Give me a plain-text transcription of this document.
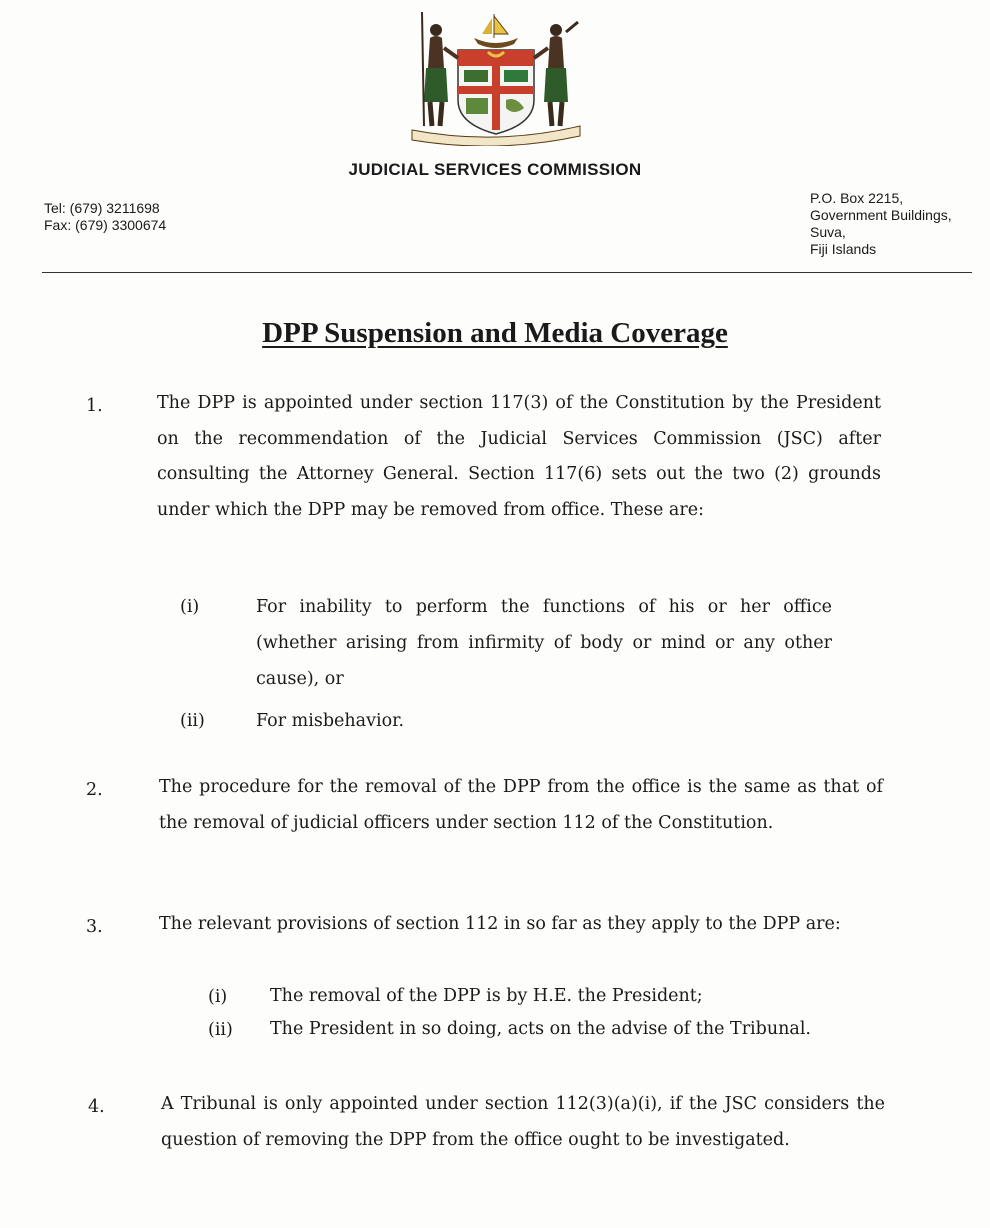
JUDICIAL SERVICES COMMISSION
Tel: (679) 3211698
Fax: (679) 3300674
P.O. Box 2215,
Government Buildings,
Suva,
Fiji Islands
DPP Suspension and Media Coverage
1.	The DPP is appointed under section 117(3) of the Constitution by the President on the recommendation of the Judicial Services Commission (JSC) after consulting the Attorney General. Section 117(6) sets out the two (2) grounds under which the DPP may be removed from office. These are:
(i)	For inability to perform the functions of his or her office (whether arising from infirmity of body or mind or any other cause), or
(ii)	For misbehavior.
2.	The procedure for the removal of the DPP from the office is the same as that of the removal of judicial officers under section 112 of the Constitution.
3.	The relevant provisions of section 112 in so far as they apply to the DPP are:
(i) The removal of the DPP is by H.E. the President;
(ii) The President in so doing, acts on the advise of the Tribunal.
4.	A Tribunal is only appointed under section 112(3)(a)(i), if the JSC considers the question of removing the DPP from the office ought to be investigated.
